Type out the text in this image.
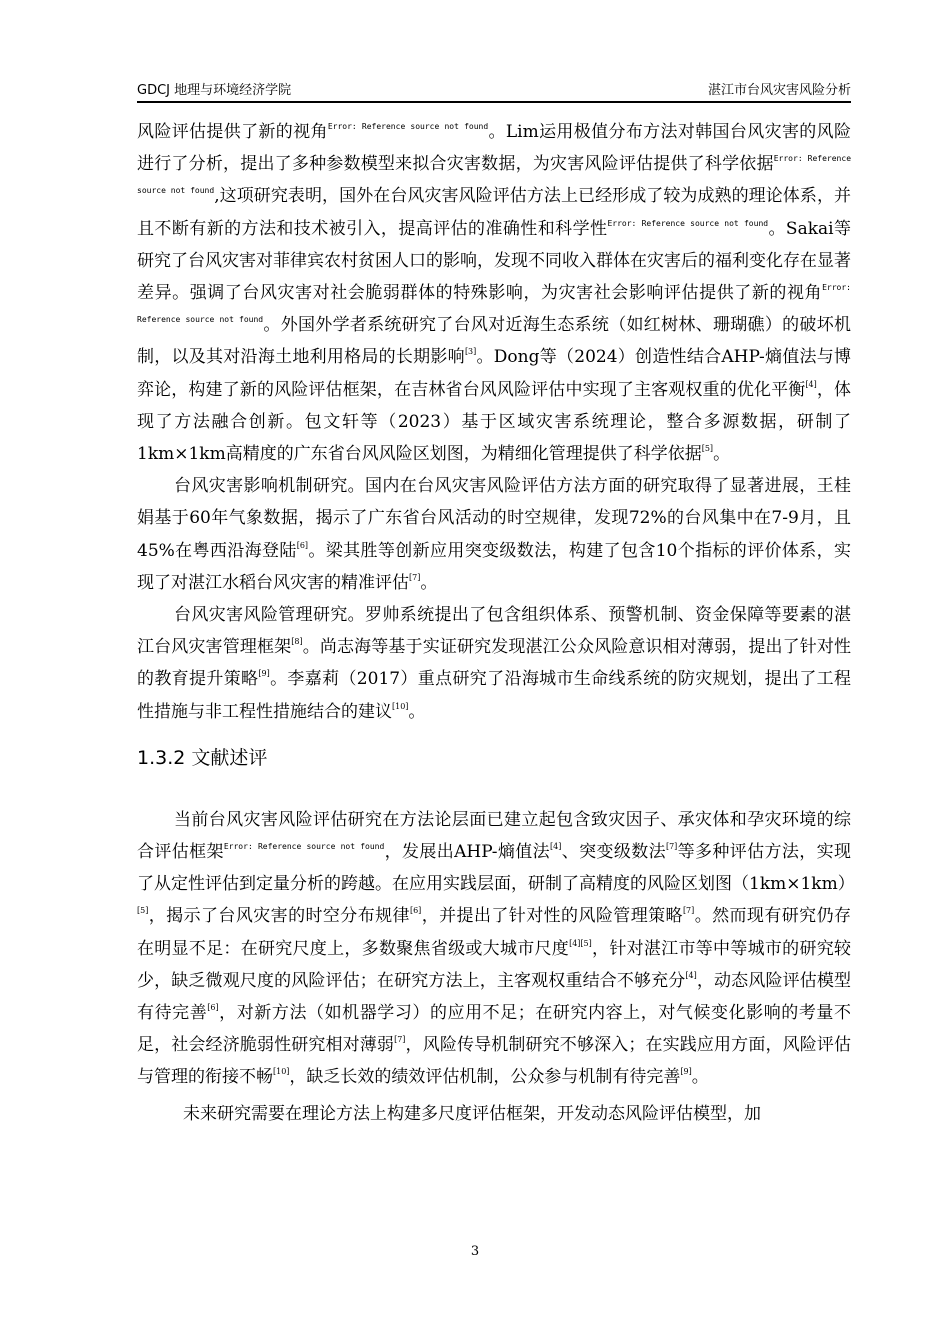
GDCJ 地理与环境经济学院	湛江市台风灾害风险分析

风险评估提供了新的视角$^{Error: Reference source not found}$。Lim运用极值分布方法对韩国台风灾害的风险进行了分析，提出了多种参数模型来拟合灾害数据，为灾害风险评估提供了科学依据$^{Error: Reference source not found}$,这项研究表明，国外在台风灾害风险评估方法上已经形成了较为成熟的理论体系，并且不断有新的方法和技术被引入，提高评估的准确性和科学性$^{Error: Reference source not found}$。Sakai等研究了台风灾害对菲律宾农村贫困人口的影响，发现不同收入群体在灾害后的福利变化存在显著差异。强调了台风灾害对社会脆弱群体的特殊影响，为灾害社会影响评估提供了新的视角$^{Error: Reference source not found}$。外国外学者系统研究了台风对近海生态系统（如红树林、珊瑚礁）的破坏机制，以及其对沿海土地利用格局的长期影响[3]。Dong等（2024）创造性结合AHP-熵值法与博弈论，构建了新的风险评估框架，在吉林省台风风险评估中实现了主客观权重的优化平衡[4]，体现了方法融合创新。包文轩等（2023）基于区域灾害系统理论，整合多源数据，研制了1km×1km高精度的广东省台风风险区划图，为精细化管理提供了科学依据[5]。

台风灾害影响机制研究。国内在台风灾害风险评估方法方面的研究取得了显著进展，王桂娟基于60年气象数据，揭示了广东省台风活动的时空规律，发现72%的台风集中在7-9月，且45%在粤西沿海登陆[6]。梁其胜等创新应用突变级数法，构建了包含10个指标的评价体系，实现了对湛江水稻台风灾害的精准评估[7]。

台风灾害风险管理研究。罗帅系统提出了包含组织体系、预警机制、资金保障等要素的湛江台风灾害管理框架[8]。尚志海等基于实证研究发现湛江公众风险意识相对薄弱，提出了针对性的教育提升策略[9]。李嘉莉（2017）重点研究了沿海城市生命线系统的防灾规划，提出了工程性措施与非工程性措施结合的建议[10]。

1.3.2 文献述评

当前台风灾害风险评估研究在方法论层面已建立起包含致灾因子、承灾体和孕灾环境的综合评估框架$^{Error: Reference source not found}$，发展出AHP-熵值法[4]、突变级数法[7]等多种评估方法，实现了从定性评估到定量分析的跨越。在应用实践层面，研制了高精度的风险区划图（1km×1km）[5]，揭示了台风灾害的时空分布规律[6]，并提出了针对性的风险管理策略[7]。然而现有研究仍存在明显不足：在研究尺度上，多数聚焦省级或大城市尺度[4][5]，针对湛江市等中等城市的研究较少，缺乏微观尺度的风险评估；在研究方法上，主客观权重结合不够充分[4]，动态风险评估模型有待完善[6]，对新方法（如机器学习）的应用不足；在研究内容上，对气候变化影响的考量不足，社会经济脆弱性研究相对薄弱[7]，风险传导机制研究不够深入；在实践应用方面，风险评估与管理的衔接不畅[10]，缺乏长效的绩效评估机制，公众参与机制有待完善[9]。

未来研究需要在理论方法上构建多尺度评估框架，开发动态风险评估模型，加

3
